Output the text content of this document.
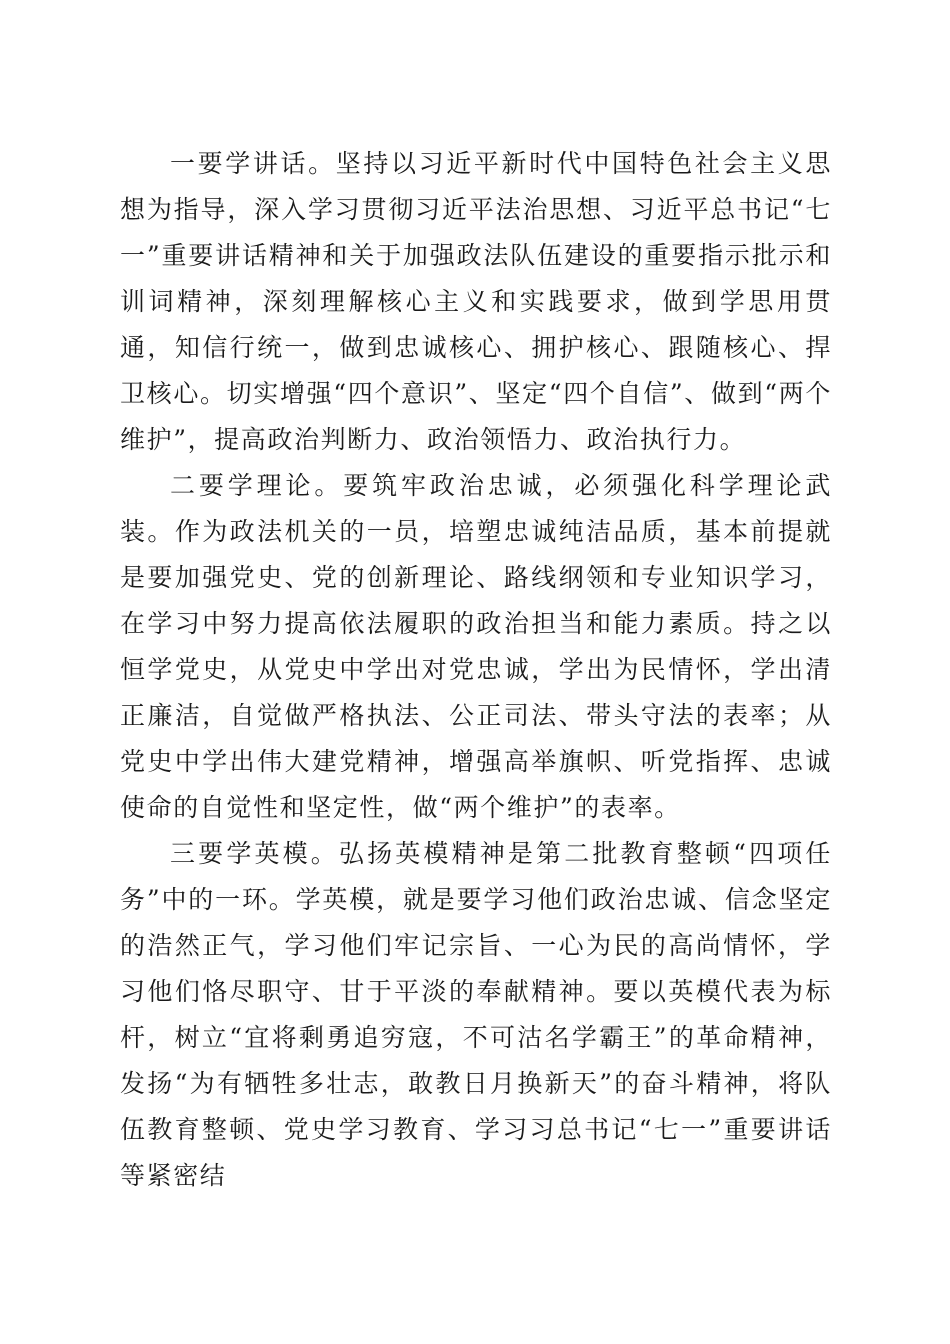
一要学讲话。坚持以习近平新时代中国特色社会主义思想为指导，深入学习贯彻习近平法治思想、习近平总书记“七一”重要讲话精神和关于加强政法队伍建设的重要指示批示和训词精神，深刻理解核心主义和实践要求，做到学思用贯通，知信行统一，做到忠诚核心、拥护核心、跟随核心、捍卫核心。切实增强“四个意识”、坚定“四个自信”、做到“两个维护”，提高政治判断力、政治领悟力、政治执行力。

二要学理论。要筑牢政治忠诚，必须强化科学理论武装。作为政法机关的一员，培塑忠诚纯洁品质，基本前提就是要加强党史、党的创新理论、路线纲领和专业知识学习，在学习中努力提高依法履职的政治担当和能力素质。持之以恒学党史，从党史中学出对党忠诚，学出为民情怀，学出清正廉洁，自觉做严格执法、公正司法、带头守法的表率；从党史中学出伟大建党精神，增强高举旗帜、听党指挥、忠诚使命的自觉性和坚定性，做“两个维护”的表率。

三要学英模。弘扬英模精神是第二批教育整顿“四项任务”中的一环。学英模，就是要学习他们政治忠诚、信念坚定的浩然正气，学习他们牢记宗旨、一心为民的高尚情怀，学习他们恪尽职守、甘于平淡的奉献精神。要以英模代表为标杆，树立“宜将剩勇追穷寇，不可沽名学霸王”的革命精神，发扬“为有牺牲多壮志，敢教日月换新天”的奋斗精神，将队伍教育整顿、党史学习教育、学习习总书记“七一”重要讲话等紧密结
